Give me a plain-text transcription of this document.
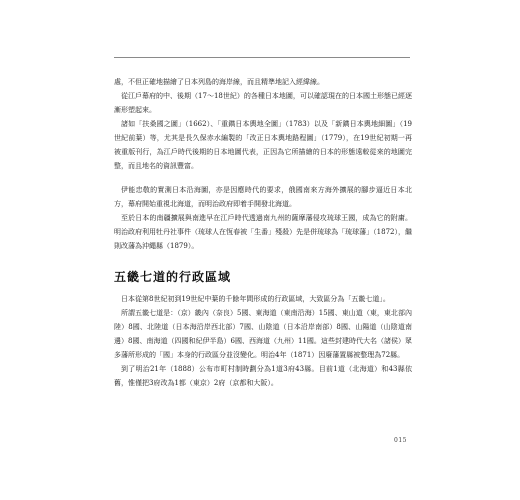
處，不但正確地描繪了日本列島的海岸線，而且精準地記入經緯線。

從江戶幕府的中、後期（17～18世紀）的各種日本地圖，可以確認現在的日本國土形態已經逐漸形塑起來。

諸如「扶桑國之圖」（1662）、「重鐫日本輿地全圖」（1783）以及「新鐫日本輿地細圖」（19世紀前葉）等，尤其是長久保赤水編製的「改正日本輿地路程圖」（1779），在19世紀初期一再被重版刊行，為江戶時代後期的日本地圖代表，正因為它所描繪的日本的形態遠較從來的地圖完整，而且地名的資訊豐富。

伊能忠敬的實測日本沿海圖，亦是因應時代的要求，俄國南來方海外擴展的腳步逼近日本北方，幕府開始重視北海道，而明治政府即着手開發北海道。

至於日本的南疆擴展與南進早在江戶時代透過南九州的薩摩藩侵攻琉球王國，成為它的附庸。明治政府利用牡丹社事件（琉球人在恆春被「生番」殘殺）先是併琉球為「琉球藩」（1872），繼則改藩為沖繩縣（1879）。

五畿七道的行政區域

日本從第8世紀初到19世紀中葉的千餘年間形成的行政區域，大致區分為「五畿七道」。

所謂五畿七道是：（京）畿內（奈良）5國、東海道（東南沿海）15國、東山道（東，東北部內陸）8國、北陸道（日本海沿岸西北部）7國、山陰道（日本沿岸南部）8國、山陽道（山陰道南邊）8國、南海道（四國和紀伊半島）6國、西海道（九州）11國。這些封建時代大名（諸侯）眾多藩所形成的「國」本身的行政區分並沒變化。明治4年（1871）因廢藩置縣被整理為72縣。

到了明治21年（1888）公布市町村制時劃分為1道3府43縣。目前1道（北海道）和43縣依舊，惟僅把3府改為1都（東京）2府（京都和大阪）。

015
